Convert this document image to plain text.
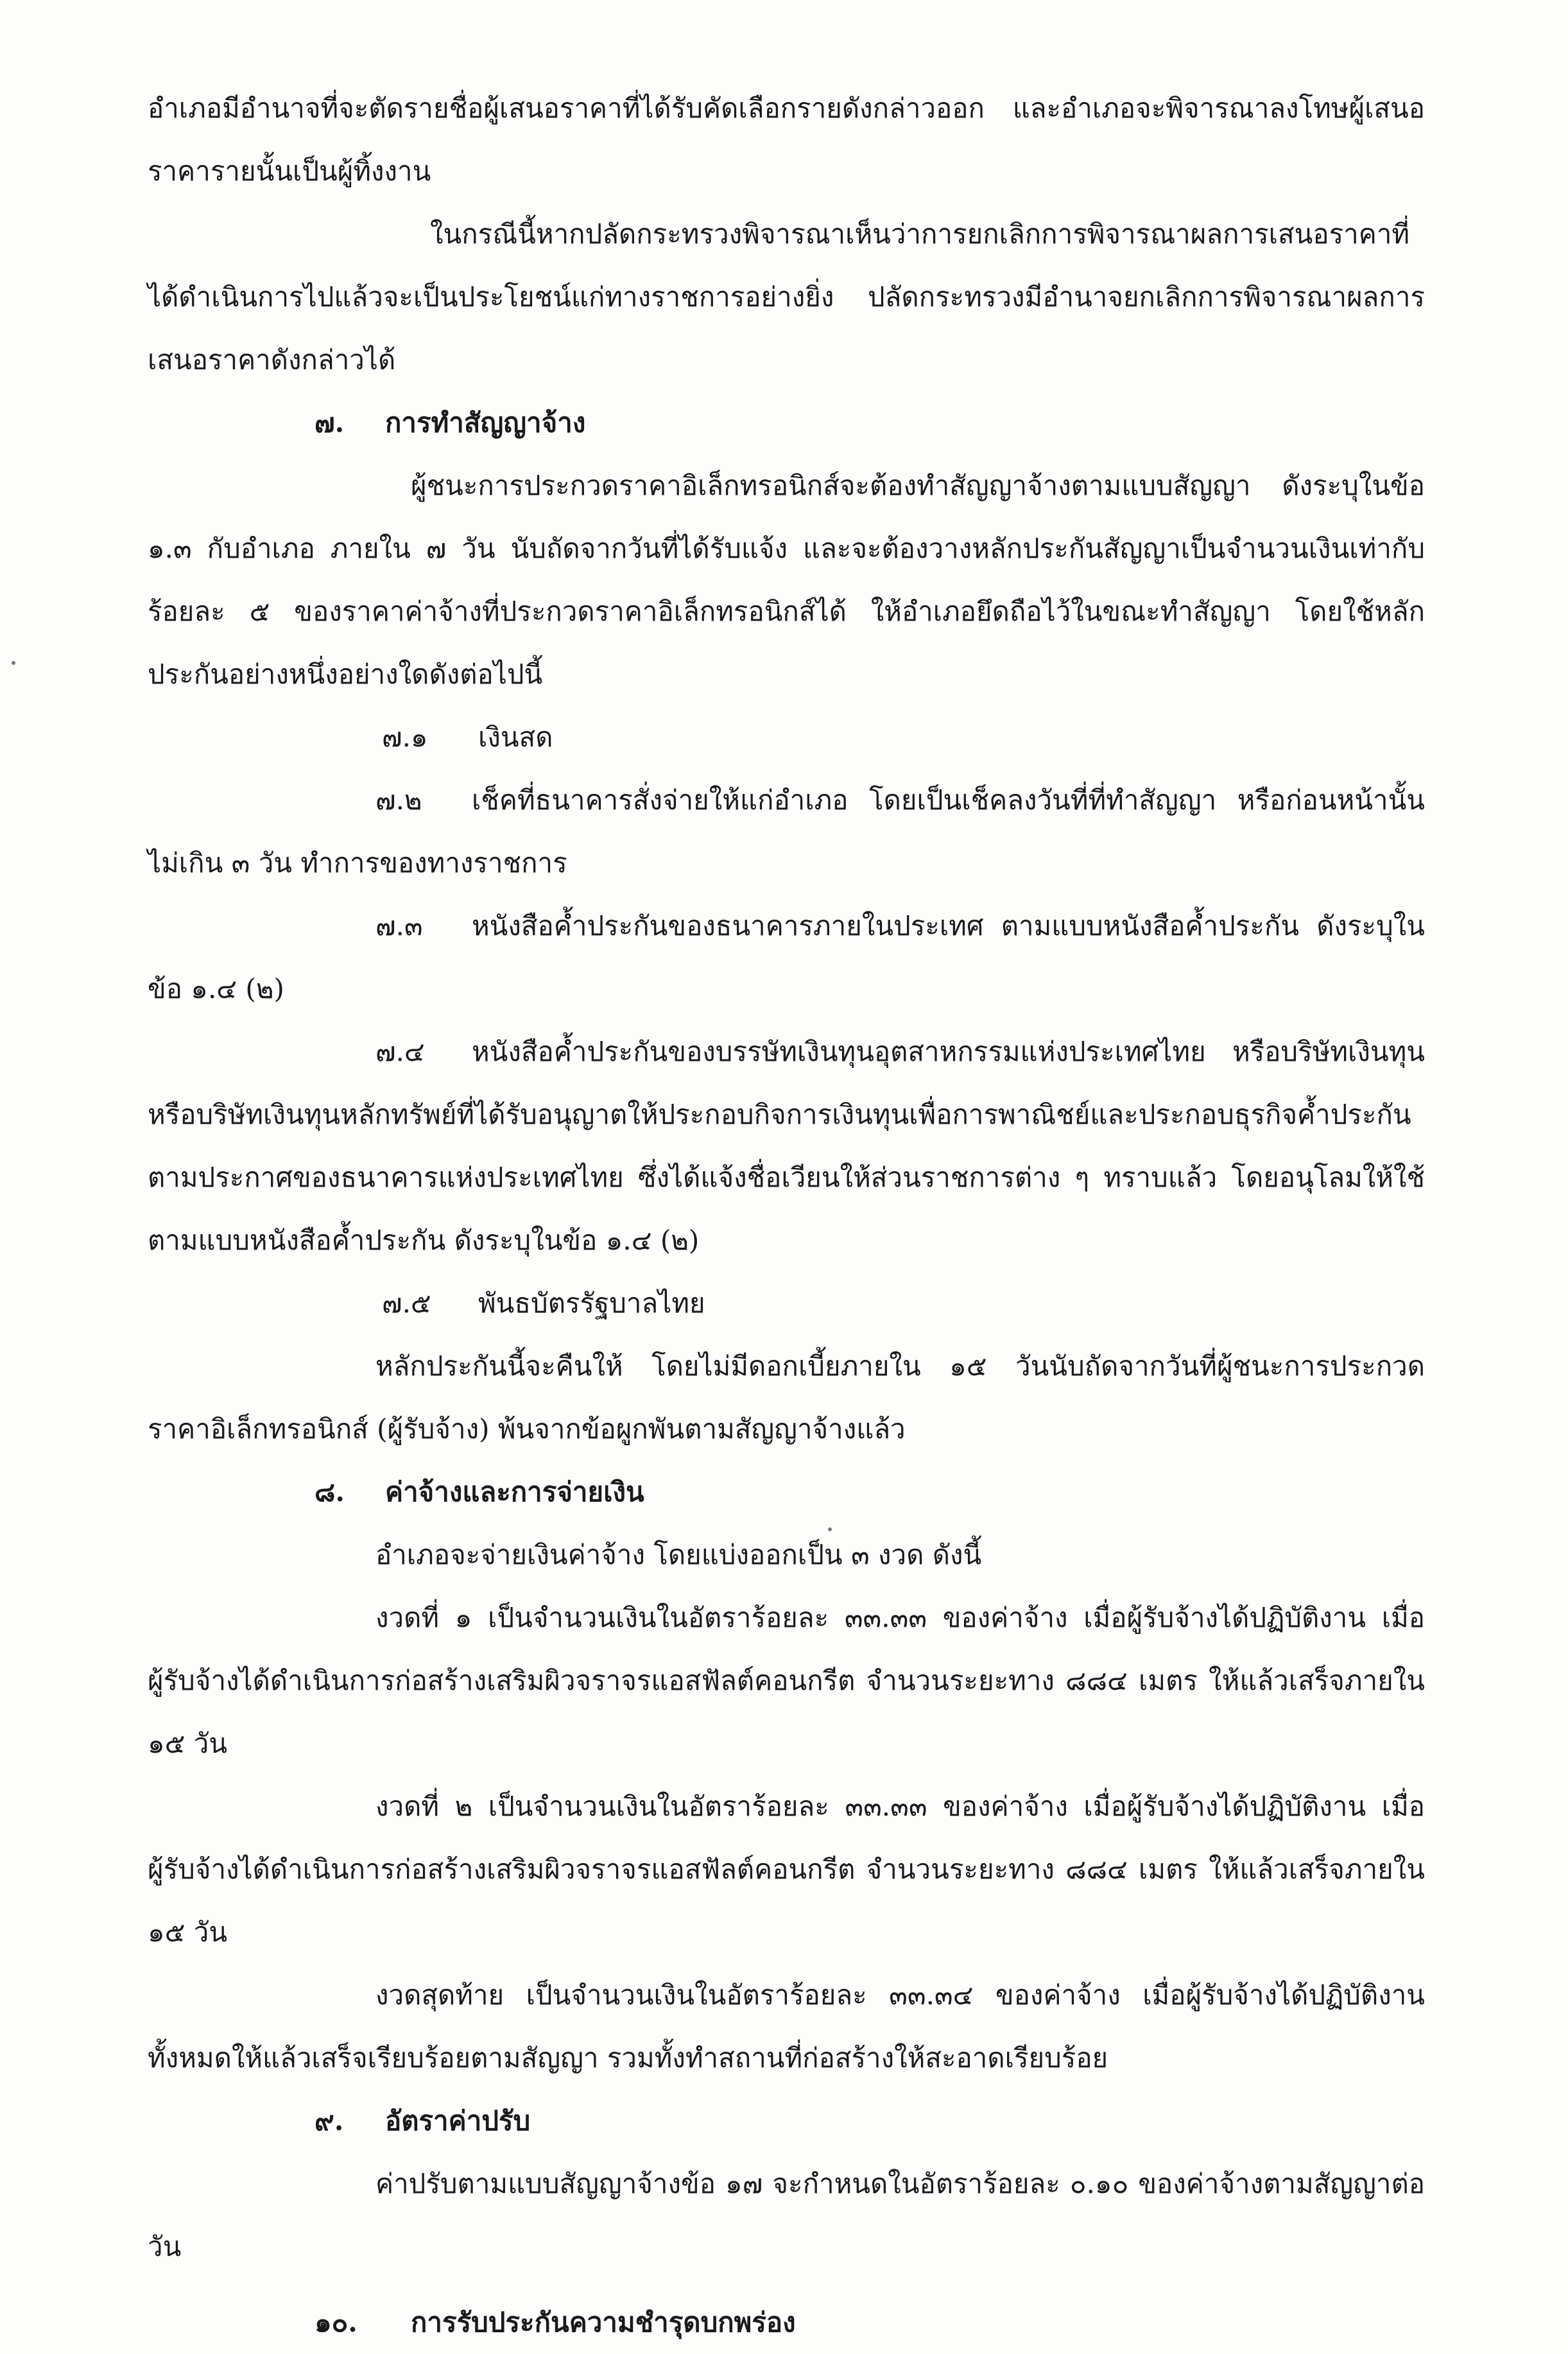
อำเภอมีอำนาจที่จะตัดรายชื่อผู้เสนอราคาที่ได้รับคัดเลือกรายดังกล่าวออก และอำเภอจะพิจารณาลงโทษผู้เสนอราคารายนั้นเป็นผู้ทิ้งงาน

ในกรณีนี้หากปลัดกระทรวงพิจารณาเห็นว่าการยกเลิกการพิจารณาผลการเสนอราคาที่ได้ดำเนินการไปแล้วจะเป็นประโยชน์แก่ทางราชการอย่างยิ่ง ปลัดกระทรวงมีอำนาจยกเลิกการพิจารณาผลการเสนอราคาดังกล่าวได้

๗. การทำสัญญาจ้าง

ผู้ชนะการประกวดราคาอิเล็กทรอนิกส์จะต้องทำสัญญาจ้างตามแบบสัญญา ดังระบุในข้อ ๑.๓ กับอำเภอ ภายใน ๗ วัน นับถัดจากวันที่ได้รับแจ้ง และจะต้องวางหลักประกันสัญญาเป็นจำนวนเงินเท่ากับร้อยละ ๕ ของราคาค่าจ้างที่ประกวดราคาอิเล็กทรอนิกส์ได้ ให้อำเภอยึดถือไว้ในขณะทำสัญญา โดยใช้หลักประกันอย่างหนึ่งอย่างใดดังต่อไปนี้

๗.๑ เงินสด

๗.๒ เช็คที่ธนาคารสั่งจ่ายให้แก่อำเภอ โดยเป็นเช็คลงวันที่ที่ทำสัญญา หรือก่อนหน้านั้น ไม่เกิน ๓ วัน ทำการของทางราชการ

๗.๓ หนังสือค้ำประกันของธนาคารภายในประเทศ ตามแบบหนังสือค้ำประกัน ดังระบุในข้อ ๑.๔ (๒)

๗.๔ หนังสือค้ำประกันของบรรษัทเงินทุนอุตสาหกรรมแห่งประเทศไทย หรือบริษัทเงินทุน หรือบริษัทเงินทุนหลักทรัพย์ที่ได้รับอนุญาตให้ประกอบกิจการเงินทุนเพื่อการพาณิชย์และประกอบธุรกิจค้ำประกัน ตามประกาศของธนาคารแห่งประเทศไทย ซึ่งได้แจ้งชื่อเวียนให้ส่วนราชการต่าง ๆ ทราบแล้ว โดยอนุโลมให้ใช้ตามแบบหนังสือค้ำประกัน ดังระบุในข้อ ๑.๔ (๒)

๗.๕ พันธบัตรรัฐบาลไทย

หลักประกันนี้จะคืนให้ โดยไม่มีดอกเบี้ยภายใน ๑๕ วันนับถัดจากวันที่ผู้ชนะการประกวดราคาอิเล็กทรอนิกส์ (ผู้รับจ้าง) พ้นจากข้อผูกพันตามสัญญาจ้างแล้ว

๘. ค่าจ้างและการจ่ายเงิน

อำเภอจะจ่ายเงินค่าจ้าง โดยแบ่งออกเป็น ๓ งวด ดังนี้

งวดที่ ๑ เป็นจำนวนเงินในอัตราร้อยละ ๓๓.๓๓ ของค่าจ้าง เมื่อผู้รับจ้างได้ปฏิบัติงาน เมื่อผู้รับจ้างได้ดำเนินการก่อสร้างเสริมผิวจราจรแอสฟัลต์คอนกรีต จำนวนระยะทาง ๘๘๔ เมตร ให้แล้วเสร็จภายใน ๑๕ วัน

งวดที่ ๒ เป็นจำนวนเงินในอัตราร้อยละ ๓๓.๓๓ ของค่าจ้าง เมื่อผู้รับจ้างได้ปฏิบัติงาน เมื่อผู้รับจ้างได้ดำเนินการก่อสร้างเสริมผิวจราจรแอสฟัลต์คอนกรีต จำนวนระยะทาง ๘๘๔ เมตร ให้แล้วเสร็จภายใน ๑๕ วัน

งวดสุดท้าย เป็นจำนวนเงินในอัตราร้อยละ ๓๓.๓๔ ของค่าจ้าง เมื่อผู้รับจ้างได้ปฏิบัติงานทั้งหมดให้แล้วเสร็จเรียบร้อยตามสัญญา รวมทั้งทำสถานที่ก่อสร้างให้สะอาดเรียบร้อย

๙. อัตราค่าปรับ

ค่าปรับตามแบบสัญญาจ้างข้อ ๑๗ จะกำหนดในอัตราร้อยละ ๐.๑๐ ของค่าจ้างตามสัญญาต่อวัน

๑๐. การรับประกันความชำรุดบกพร่อง
